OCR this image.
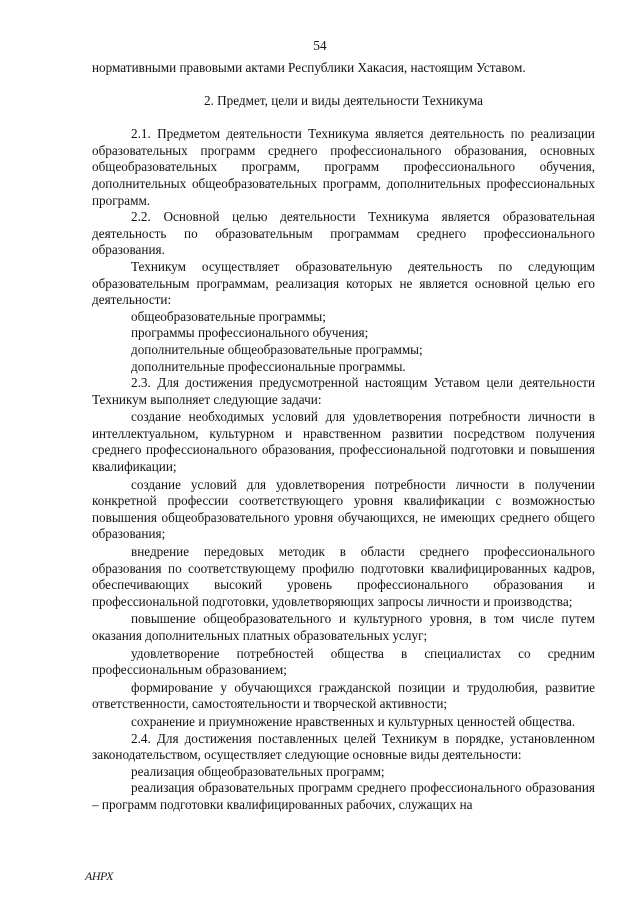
54

нормативными правовыми актами Республики Хакасия, настоящим Уставом.

2. Предмет, цели и виды деятельности Техникума

2.1. Предметом деятельности Техникума является деятельность по реализации образовательных программ среднего профессионального образования, основных общеобразовательных программ, программ профессионального обучения, дополнительных общеобразовательных программ, дополнительных профессиональных программ.

2.2. Основной целью деятельности Техникума является образовательная деятельность по образовательным программам среднего профессионального образования.

Техникум осуществляет образовательную деятельность по следующим образовательным программам, реализация которых не является основной целью его деятельности:

общеобразовательные программы;

программы профессионального обучения;

дополнительные общеобразовательные программы;

дополнительные профессиональные программы.

2.3. Для достижения предусмотренной настоящим Уставом цели деятельности Техникум выполняет следующие задачи:

создание необходимых условий для удовлетворения потребности личности в интеллектуальном, культурном и нравственном развитии посредством получения среднего профессионального образования, профессиональной подготовки и повышения квалификации;

создание условий для удовлетворения потребности личности в получении конкретной профессии соответствующего уровня квалификации с возможностью повышения общеобразовательного уровня обучающихся, не имеющих среднего общего образования;

внедрение передовых методик в области среднего профессионального образования по соответствующему профилю подготовки квалифицированных кадров, обеспечивающих высокий уровень профессионального образования и профессиональной подготовки, удовлетворяющих запросы личности и производства;

повышение общеобразовательного и культурного уровня, в том числе путем оказания дополнительных платных образовательных услуг;

удовлетворение потребностей общества в специалистах со средним профессиональным образованием;

формирование у обучающихся гражданской позиции и трудолюбия, развитие ответственности, самостоятельности и творческой активности;

сохранение и приумножение нравственных и культурных ценностей общества.

2.4. Для достижения поставленных целей Техникум в порядке, установленном законодательством, осуществляет следующие основные виды деятельности:

реализация общеобразовательных программ;

реализация образовательных программ среднего профессионального образования – программ подготовки квалифицированных рабочих, служащих на

АНРХ
